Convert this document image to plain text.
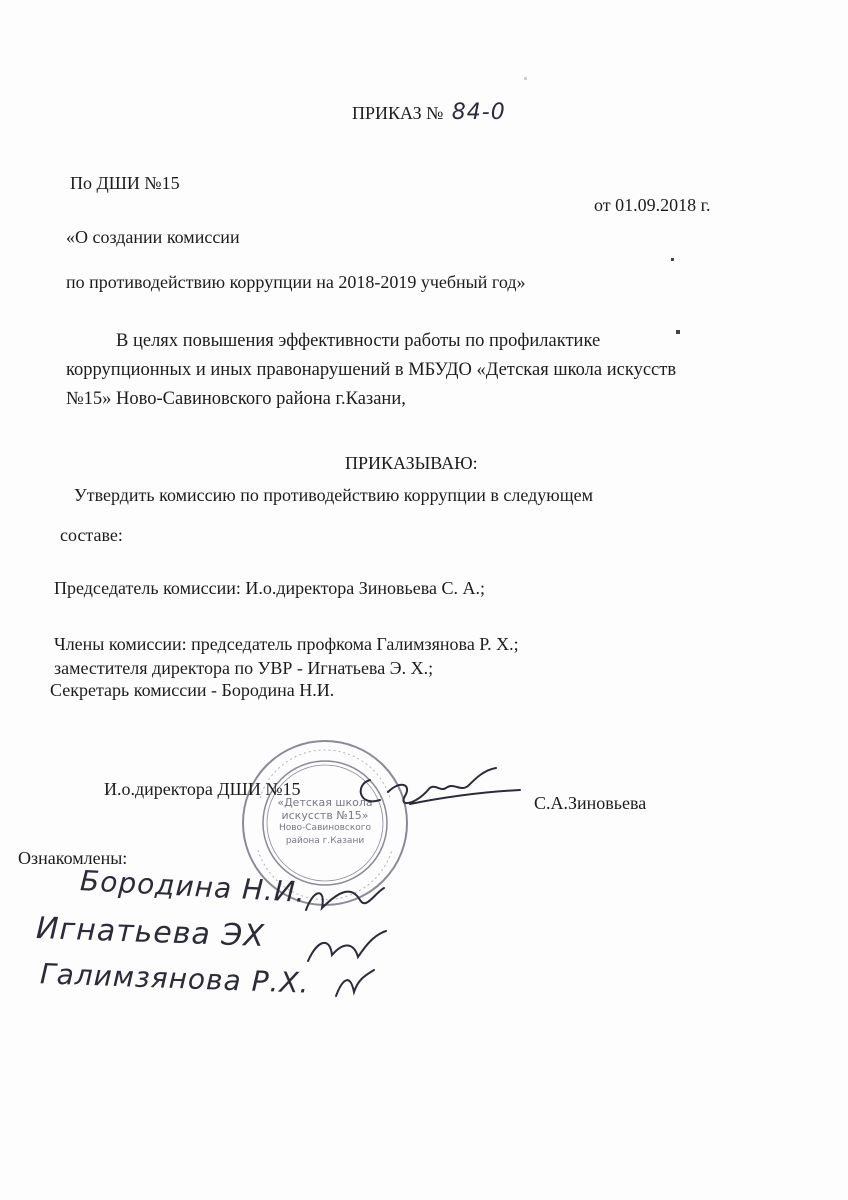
ПРИКАЗ № 84-0
По ДШИ №15
от 01.09.2018 г.
«О создании комиссии
по противодействию коррупции на 2018-2019 учебный год»
В целях повышения эффективности работы по профилактике
коррупционных и иных правонарушений в МБУДО «Детская школа искусств
№15» Ново-Савиновского района г.Казани,
ПРИКАЗЫВАЮ:
Утвердить комиссию по противодействию коррупции в следующем
составе:
Председатель комиссии: И.о.директора Зиновьева С. А.;
Члены комиссии: председатель профкома Галимзянова Р. Х.;
заместителя директора по УВР - Игнатьева Э. Х.;
Секретарь комиссии - Бородина Н.И.
«Детская школа
искусств №15»
Ново-Савиновского
района г.Казани
И.о.директора ДШИ №15
С.А.Зиновьева
Ознакомлены:
Бородина Н.И.
Игнатьева ЭХ
Галимзянова Р.Х.
